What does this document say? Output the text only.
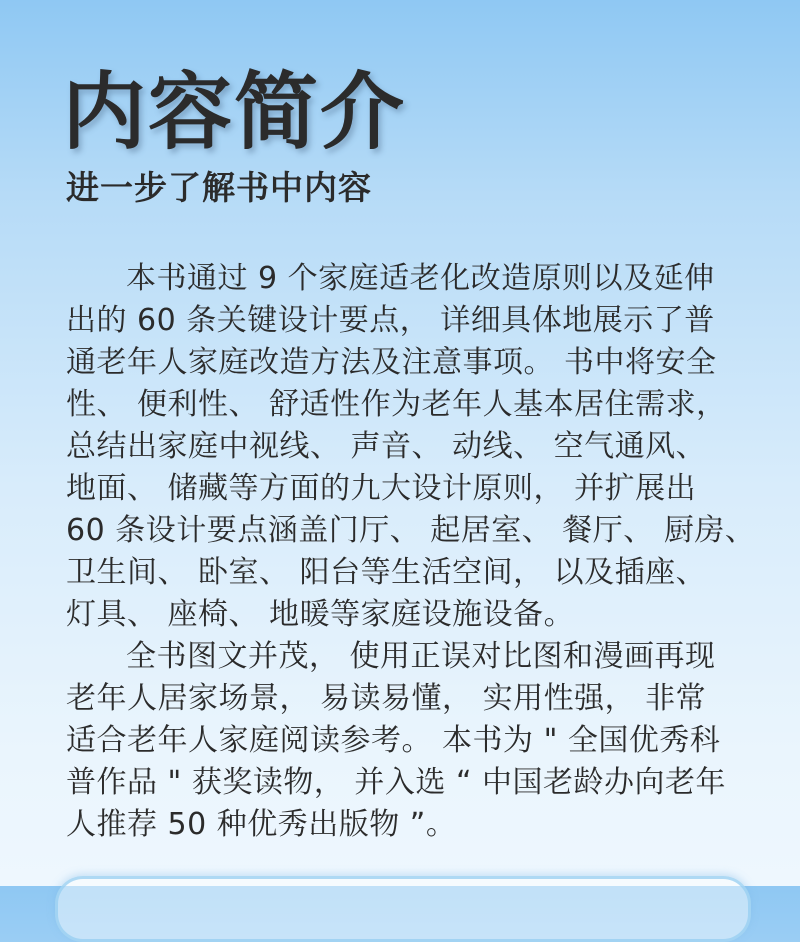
内容简介
进一步了解书中内容
本书通过 9 个家庭适老化改造原则以及延伸
出的 60 条关键设计要点， 详细具体地展示了普
通老年人家庭改造方法及注意事项。 书中将安全
性、 便利性、 舒适性作为老年人基本居住需求，
总结出家庭中视线、 声音、 动线、 空气通风、
地面、 储藏等方面的九大设计原则， 并扩展出
60 条设计要点涵盖门厅、 起居室、 餐厅、 厨房、
卫生间、 卧室、 阳台等生活空间， 以及插座、
灯具、 座椅、 地暖等家庭设施设备。
全书图文并茂， 使用正误对比图和漫画再现
老年人居家场景， 易读易懂， 实用性强， 非常
适合老年人家庭阅读参考。 本书为 " 全国优秀科
普作品 " 获奖读物， 并入选 “ 中国老龄办向老年
人推荐 50 种优秀出版物 ”。
